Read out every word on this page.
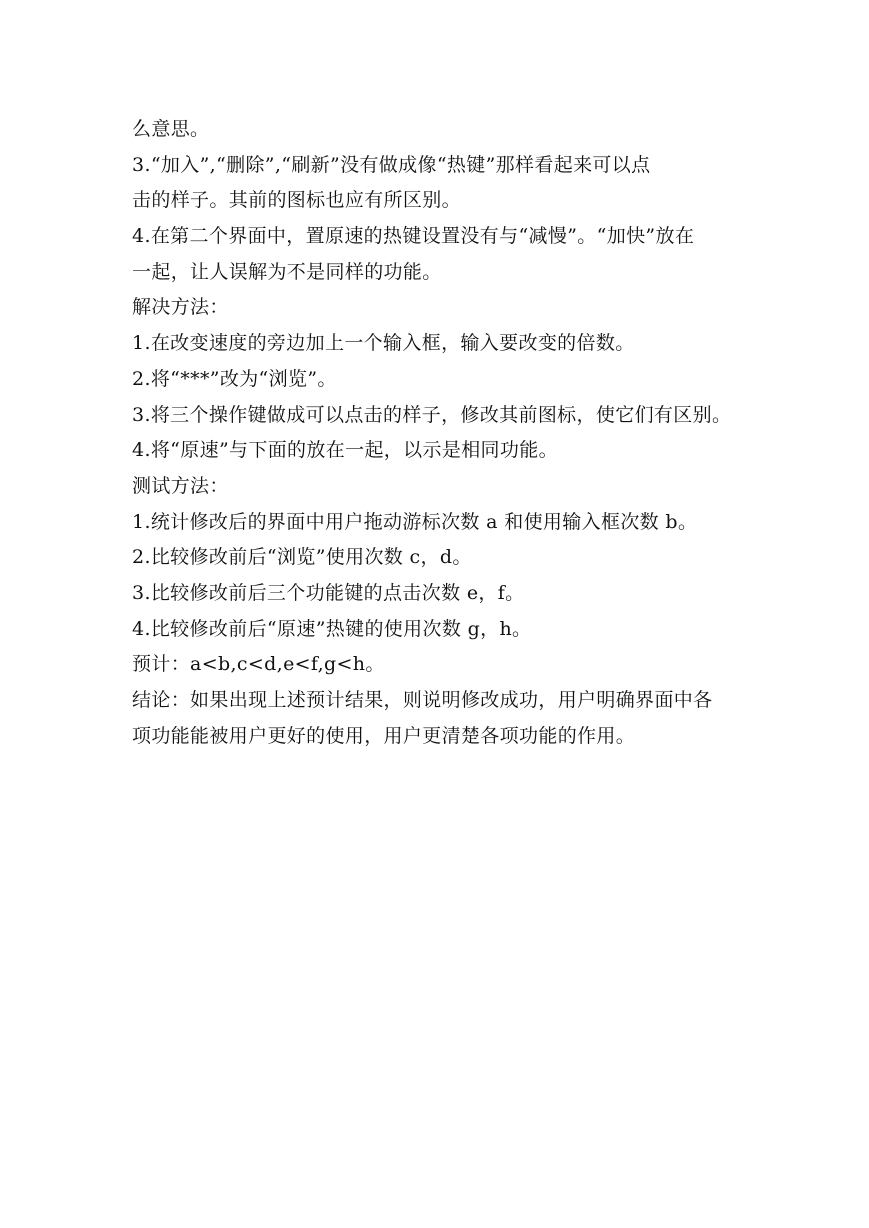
么意思。

3.“加入”,“删除”,“刷新”没有做成像“热键”那样看起来可以点

击的样子。其前的图标也应有所区别。

4.在第二个界面中，置原速的热键设置没有与“减慢”。“加快”放在

一起，让人误解为不是同样的功能。

解决方法：

1.在改变速度的旁边加上一个输入框，输入要改变的倍数。

2.将“***”改为“浏览”。

3.将三个操作键做成可以点击的样子，修改其前图标，使它们有区别。

4.将“原速”与下面的放在一起，以示是相同功能。

测试方法：

1.统计修改后的界面中用户拖动游标次数 a 和使用输入框次数 b。

2.比较修改前后“浏览”使用次数 c，d。

3.比较修改前后三个功能键的点击次数 e，f。

4.比较修改前后“原速”热键的使用次数 g，h。

预计：a<b,c<d,e<f,g<h。

结论：如果出现上述预计结果，则说明修改成功，用户明确界面中各

项功能能被用户更好的使用，用户更清楚各项功能的作用。
